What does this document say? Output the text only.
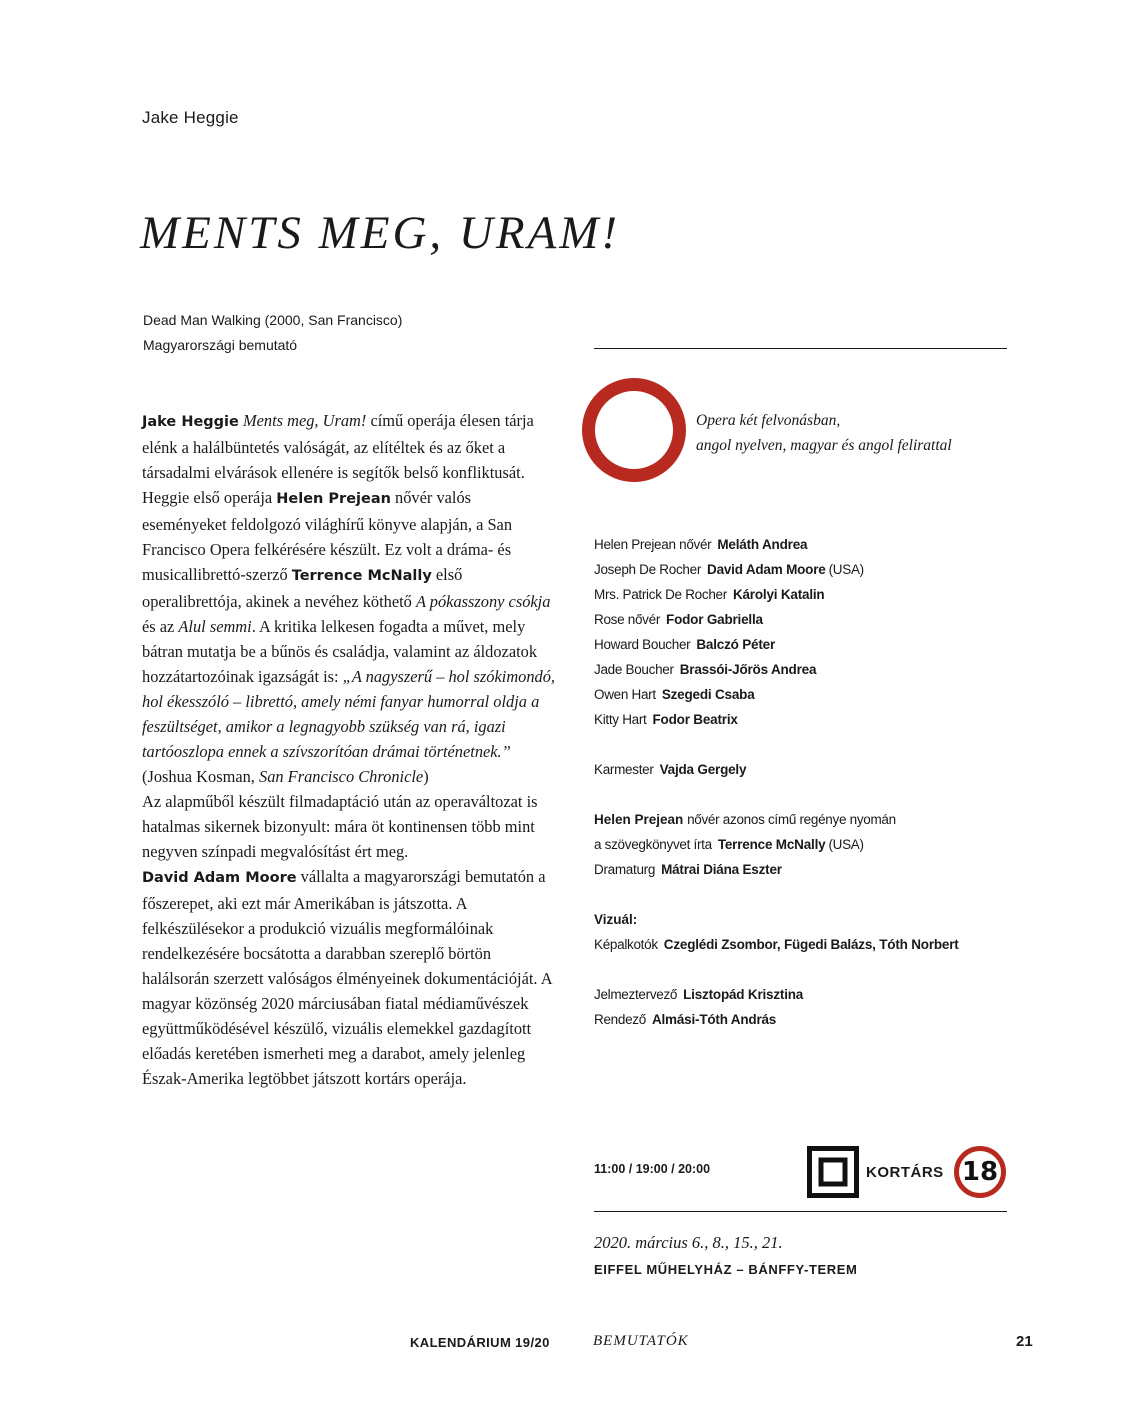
Jake Heggie
MENTS MEG, URAM!
Dead Man Walking (2000, San Francisco)
Magyarországi bemutató
Opera két felvonásban,
angol nyelven, magyar és angol felirattal

Jake Heggie Ments meg, Uram! című operája élesen tárja elénk a halálbüntetés valóságát, az elítéltek és az őket a társadalmi elvárások ellenére is segítők belső konfliktusát.

Heggie első operája Helen Prejean nővér valós eseményeket feldolgozó világhírű könyve alapján, a San Francisco Opera felkérésére készült. Ez volt a dráma- és musicallibrettó-szerző Terrence McNally első operalibrettója, akinek a nevéhez köthető A pókasszony csókja és az Alul semmi. A kritika lelkesen fogadta a művet, mely bátran mutatja be a bűnös és családja, valamint az áldozatok hozzátartozóinak igazságát is: „A nagyszerű – hol szókimondó, hol ékesszóló – librettó, amely némi fanyar humorral oldja a feszültséget, amikor a legnagyobb szükség van rá, igazi tartóoszlopa ennek a szívszorítóan drámai történetnek.” (Joshua Kosman, San Francisco Chronicle)

Az alapműből készült filmadaptáció után az operaváltozat is hatalmas sikernek bizonyult: mára öt kontinensen több mint negyven színpadi megvalósítást ért meg.

David Adam Moore vállalta a magyarországi bemutatón a főszerepet, aki ezt már Amerikában is játszotta. A felkészülésekor a produkció vizuális megformálóinak rendelkezésére bocsátotta a darabban szereplő börtön halálsorán szerzett valóságos élményeinek dokumentációját. A magyar közönség 2020 márciusában fiatal médiaművészek együttműködésével készülő, vizuális elemekkel gazdagított előadás keretében ismerheti meg a darabot, amely jelenleg Észak-Amerika legtöbbet játszott kortárs operája.

Helen Prejean nővér Meláth Andrea
Joseph De Rocher David Adam Moore (USA)
Mrs. Patrick De Rocher Károlyi Katalin
Rose nővér Fodor Gabriella
Howard Boucher Balczó Péter
Jade Boucher Brassói-Jőrös Andrea
Owen Hart Szegedi Csaba
Kitty Hart Fodor Beatrix
Karmester Vajda Gergely
Helen Prejean nővér azonos című regénye nyomán
a szövegkönyvet írta Terrence McNally (USA)
Dramaturg Mátrai Diána Eszter
Vizuál:
Képalkotók Czeglédi Zsombor, Fügedi Balázs, Tóth Norbert
Jelmeztervező Lisztopád Krisztina
Rendező Almási-Tóth András
11:00 / 19:00 / 20:00	KORTÁRS 18
2020. március 6., 8., 15., 21.
EIFFEL MŰHELYHÁZ – BÁNFFY-TEREM
KALENDÁRIUM 19/20	BEMUTATÓK	21
